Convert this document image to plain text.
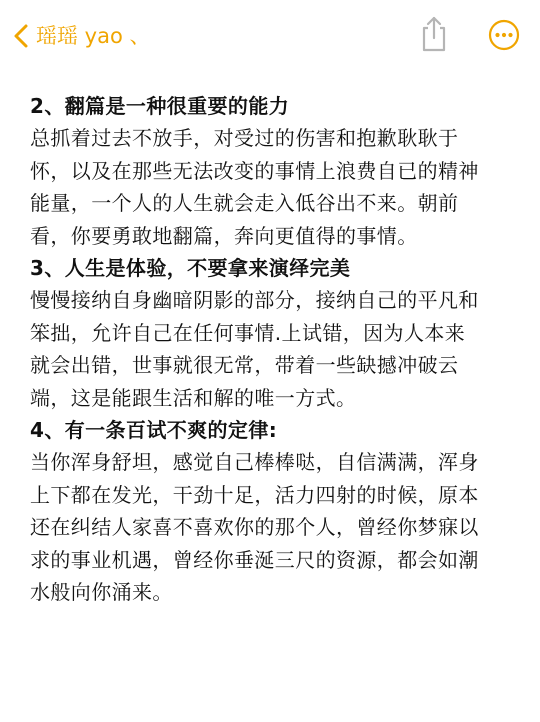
瑶瑶 yao 、
2、翻篇是一种很重要的能力
总抓着过去不放手，对受过的伤害和抱歉耿耿于
怀，以及在那些无法改变的事情上浪费自已的精神
能量，一个人的人生就会走入低谷出不来。朝前
看，你要勇敢地翻篇，奔向更值得的事情。
3、人生是体验，不要拿来演绎完美
慢慢接纳自身幽暗阴影的部分，接纳自己的平凡和
笨拙，允许自己在任何事情.上试错，因为人本来
就会出错，世事就很无常，带着一些缺撼冲破云
端，这是能跟生活和解的唯一方式。
4、有一条百试不爽的定律:
当你浑身舒坦，感觉自己棒棒哒，自信满满，浑身
上下都在发光，干劲十足，活力四射的时候，原本
还在纠结人家喜不喜欢你的那个人，曾经你梦寐以
求的事业机遇，曾经你垂涎三尺的资源，都会如潮
水般向你涌来。
